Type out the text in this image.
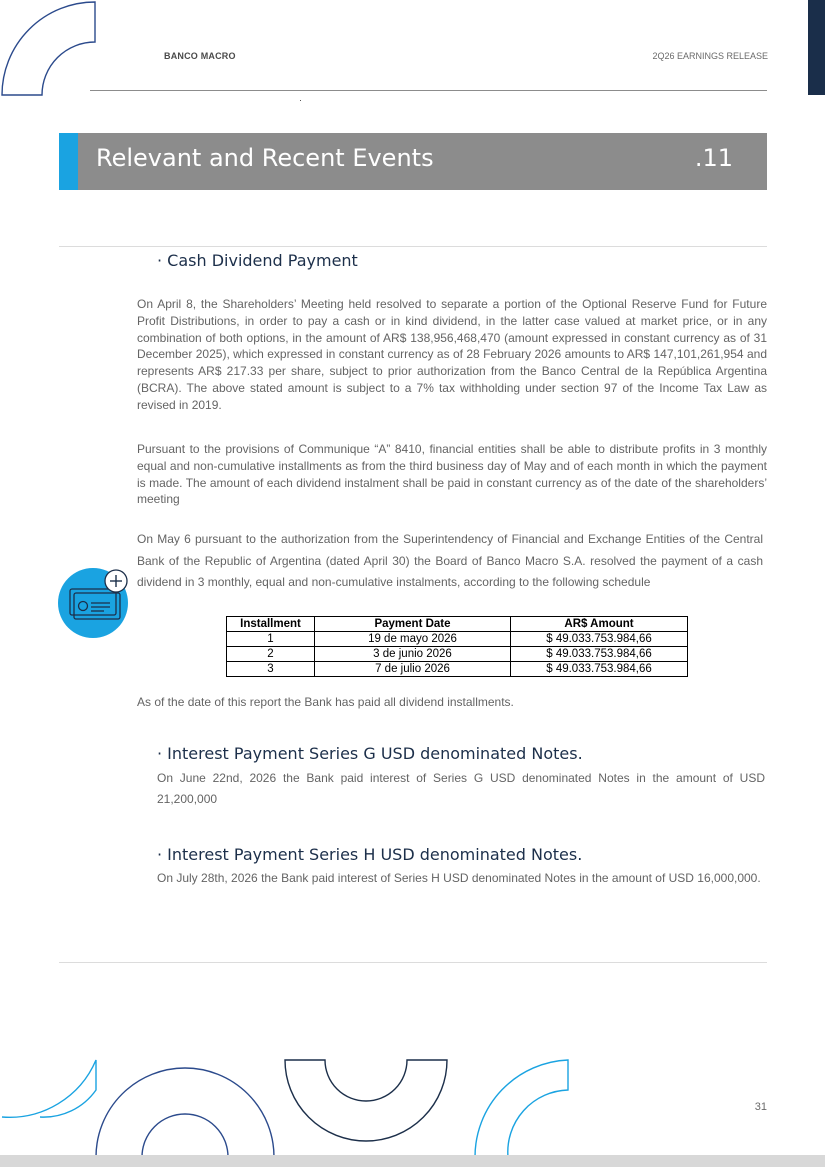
BANCO MACRO	2Q26 EARNINGS RELEASE
Relevant and Recent Events	.11
· Cash Dividend Payment
On April 8, the Shareholders’ Meeting held resolved to separate a portion of the Optional Reserve Fund for Future Profit Distributions, in order to pay a cash or in kind dividend, in the latter case valued at market price, or in any combination of both options, in the amount of AR$ 138,956,468,470 (amount expressed in constant currency as of 31 December 2025), which expressed in constant currency as of 28 February 2026 amounts to AR$ 147,101,261,954 and represents AR$ 217.33 per share, subject to prior authorization from the Banco Central de la República Argentina (BCRA). The above stated amount is subject to a 7% tax withholding under section 97 of the Income Tax Law as revised in 2019.
Pursuant to the provisions of Communique “A” 8410, financial entities shall be able to distribute profits in 3 monthly equal and non-cumulative installments as from the third business day of May and of each month in which the payment is made. The amount of each dividend instalment shall be paid in constant currency as of the date of the shareholders’ meeting
On May 6 pursuant to the authorization from the Superintendency of Financial and Exchange Entities of the Central Bank of the Republic of Argentina (dated April 30) the Board of Banco Macro S.A. resolved the payment of a cash dividend in 3 monthly, equal and non-cumulative instalments, according to the following schedule
Installment	Payment Date	AR$ Amount
1	19 de mayo 2026	$ 49.033.753.984,66
2	3 de junio 2026	$ 49.033.753.984,66
3	7 de julio 2026	$ 49.033.753.984,66
As of the date of this report the Bank has paid all dividend installments.
· Interest Payment Series G USD denominated Notes.
On June 22nd, 2026 the Bank paid interest of Series G USD denominated Notes in the amount of USD 21,200,000
· Interest Payment Series H USD denominated Notes.
On July 28th, 2026 the Bank paid interest of Series H USD denominated Notes in the amount of USD 16,000,000.
31
